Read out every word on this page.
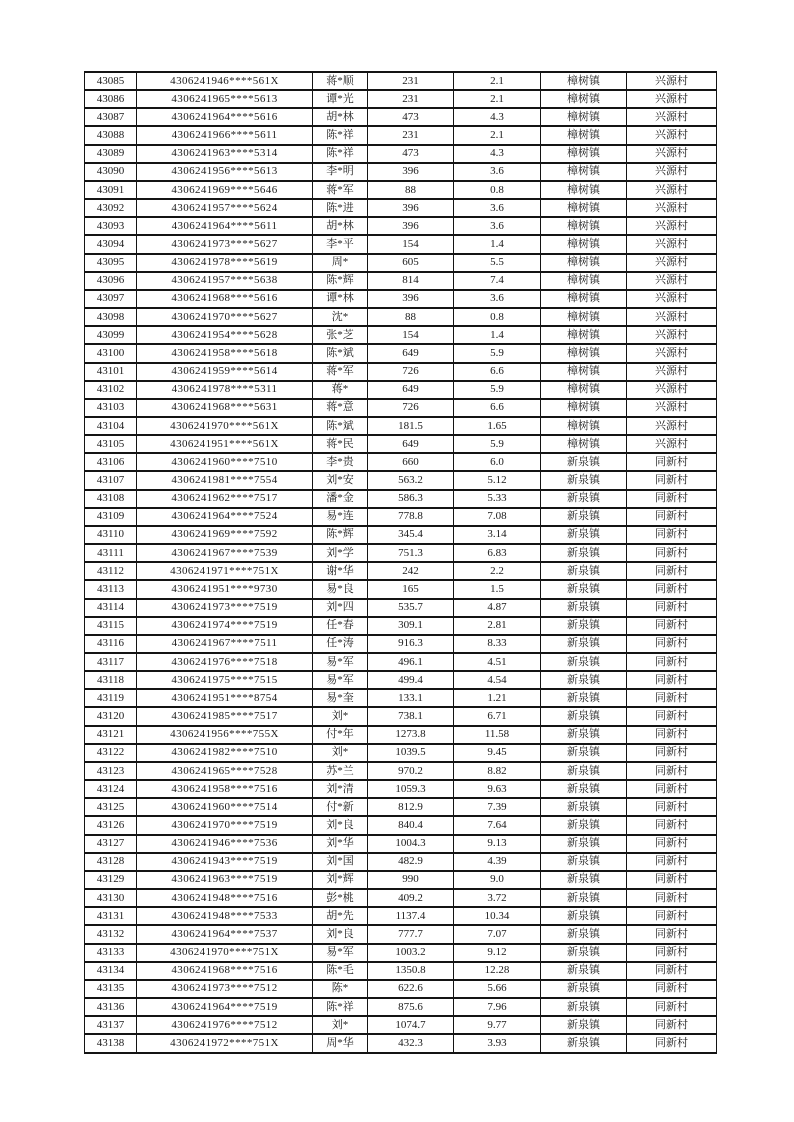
43085	4306241946****561X	蒋*顺	231	2.1	樟树镇	兴源村
43086	4306241965****5613	谭*光	231	2.1	樟树镇	兴源村
43087	4306241964****5616	胡*林	473	4.3	樟树镇	兴源村
43088	4306241966****5611	陈*祥	231	2.1	樟树镇	兴源村
43089	4306241963****5314	陈*祥	473	4.3	樟树镇	兴源村
43090	4306241956****5613	李*明	396	3.6	樟树镇	兴源村
43091	4306241969****5646	蒋*军	88	0.8	樟树镇	兴源村
43092	4306241957****5624	陈*进	396	3.6	樟树镇	兴源村
43093	4306241964****5611	胡*林	396	3.6	樟树镇	兴源村
43094	4306241973****5627	李*平	154	1.4	樟树镇	兴源村
43095	4306241978****5619	周*	605	5.5	樟树镇	兴源村
43096	4306241957****5638	陈*辉	814	7.4	樟树镇	兴源村
43097	4306241968****5616	谭*林	396	3.6	樟树镇	兴源村
43098	4306241970****5627	沈*	88	0.8	樟树镇	兴源村
43099	4306241954****5628	张*芝	154	1.4	樟树镇	兴源村
43100	4306241958****5618	陈*斌	649	5.9	樟树镇	兴源村
43101	4306241959****5614	蒋*军	726	6.6	樟树镇	兴源村
43102	4306241978****5311	蒋*	649	5.9	樟树镇	兴源村
43103	4306241968****5631	蒋*意	726	6.6	樟树镇	兴源村
43104	4306241970****561X	陈*斌	181.5	1.65	樟树镇	兴源村
43105	4306241951****561X	蒋*民	649	5.9	樟树镇	兴源村
43106	4306241960****7510	李*贵	660	6.0	新泉镇	同新村
43107	4306241981****7554	刘*安	563.2	5.12	新泉镇	同新村
43108	4306241962****7517	潘*金	586.3	5.33	新泉镇	同新村
43109	4306241964****7524	易*连	778.8	7.08	新泉镇	同新村
43110	4306241969****7592	陈*辉	345.4	3.14	新泉镇	同新村
43111	4306241967****7539	刘*学	751.3	6.83	新泉镇	同新村
43112	4306241971****751X	谢*华	242	2.2	新泉镇	同新村
43113	4306241951****9730	易*良	165	1.5	新泉镇	同新村
43114	4306241973****7519	刘*四	535.7	4.87	新泉镇	同新村
43115	4306241974****7519	任*春	309.1	2.81	新泉镇	同新村
43116	4306241967****7511	任*涛	916.3	8.33	新泉镇	同新村
43117	4306241976****7518	易*军	496.1	4.51	新泉镇	同新村
43118	4306241975****7515	易*军	499.4	4.54	新泉镇	同新村
43119	4306241951****8754	易*奎	133.1	1.21	新泉镇	同新村
43120	4306241985****7517	刘*	738.1	6.71	新泉镇	同新村
43121	4306241956****755X	付*年	1273.8	11.58	新泉镇	同新村
43122	4306241982****7510	刘*	1039.5	9.45	新泉镇	同新村
43123	4306241965****7528	苏*兰	970.2	8.82	新泉镇	同新村
43124	4306241958****7516	刘*清	1059.3	9.63	新泉镇	同新村
43125	4306241960****7514	付*新	812.9	7.39	新泉镇	同新村
43126	4306241970****7519	刘*良	840.4	7.64	新泉镇	同新村
43127	4306241946****7536	刘*华	1004.3	9.13	新泉镇	同新村
43128	4306241943****7519	刘*国	482.9	4.39	新泉镇	同新村
43129	4306241963****7519	刘*辉	990	9.0	新泉镇	同新村
43130	4306241948****7516	彭*桃	409.2	3.72	新泉镇	同新村
43131	4306241948****7533	胡*先	1137.4	10.34	新泉镇	同新村
43132	4306241964****7537	刘*良	777.7	7.07	新泉镇	同新村
43133	4306241970****751X	易*军	1003.2	9.12	新泉镇	同新村
43134	4306241968****7516	陈*毛	1350.8	12.28	新泉镇	同新村
43135	4306241973****7512	陈*	622.6	5.66	新泉镇	同新村
43136	4306241964****7519	陈*祥	875.6	7.96	新泉镇	同新村
43137	4306241976****7512	刘*	1074.7	9.77	新泉镇	同新村
43138	4306241972****751X	周*华	432.3	3.93	新泉镇	同新村
